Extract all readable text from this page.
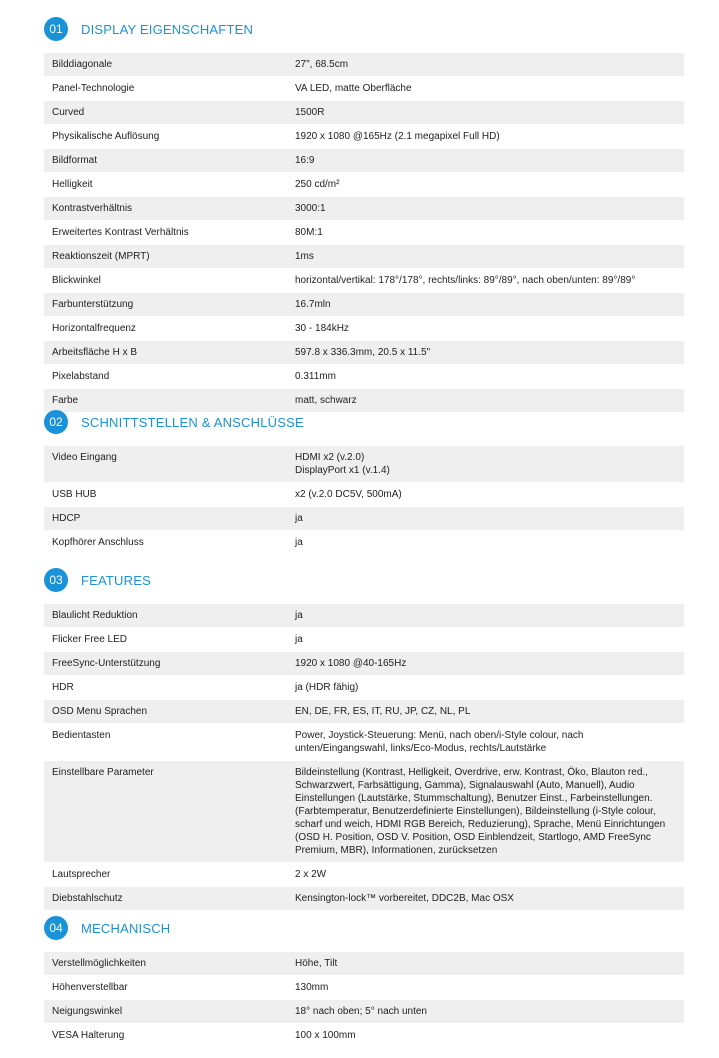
01	DISPLAY EIGENSCHAFTEN
Bilddiagonale	27", 68.5cm
Panel-Technologie	VA LED, matte Oberfläche
Curved	1500R
Physikalische Auflösung	1920 x 1080 @165Hz (2.1 megapixel Full HD)
Bildformat	16:9
Helligkeit	250 cd/m²
Kontrastverhältnis	3000:1
Erweitertes Kontrast Verhältnis	80M:1
Reaktionszeit (MPRT)	1ms
Blickwinkel	horizontal/vertikal: 178°/178°, rechts/links: 89°/89°, nach oben/unten: 89°/89°
Farbunterstützung	16.7mln
Horizontalfrequenz	30 - 184kHz
Arbeitsfläche H x B	597.8 x 336.3mm, 20.5 x 11.5"
Pixelabstand	0.311mm
Farbe	matt, schwarz
02	SCHNITTSTELLEN & ANSCHLÜSSE
Video Eingang	HDMI x2 (v.2.0)
DisplayPort x1 (v.1.4)

USB HUB	x2 (v.2.0 DC5V, 500mA)
HDCP	ja
Kopfhörer Anschluss	ja
03	FEATURES
Blaulicht Reduktion	ja
Flicker Free LED	ja
FreeSync-Unterstützung	1920 x 1080 @40-165Hz
HDR	ja (HDR fähig)
OSD Menu Sprachen	EN, DE, FR, ES, IT, RU, JP, CZ, NL, PL
Bedientasten	Power, Joystick-Steuerung: Menü, nach oben/i-Style colour, nach unten/Eingangswahl, links/Eco-Modus, rechts/Lautstärke
Einstellbare Parameter	Bildeinstellung (Kontrast, Helligkeit, Overdrive, erw. Kontrast, Öko, Blauton red., Schwarzwert, Farbsättigung, Gamma), Signalauswahl (Auto, Manuell), Audio Einstellungen (Lautstärke, Stummschaltung), Benutzer Einst., Farbeinstellungen. (Farbtemperatur, Benutzerdefinierte Einstellungen), Bildeinstellung (i-Style colour, scharf und weich, HDMI RGB Bereich, Reduzierung), Sprache, Menü Einrichtungen (OSD H. Position, OSD V. Position, OSD Einblendzeit, Startlogo, AMD FreeSync Premium, MBR), Informationen, zurücksetzen
Lautsprecher	2 x 2W
Diebstahlschutz	Kensington-lock™ vorbereitet, DDC2B, Mac OSX
04	MECHANISCH
Verstellmöglichkeiten	Höhe, Tilt
Höhenverstellbar	130mm
Neigungswinkel	18° nach oben; 5° nach unten
VESA Halterung	100 x 100mm
